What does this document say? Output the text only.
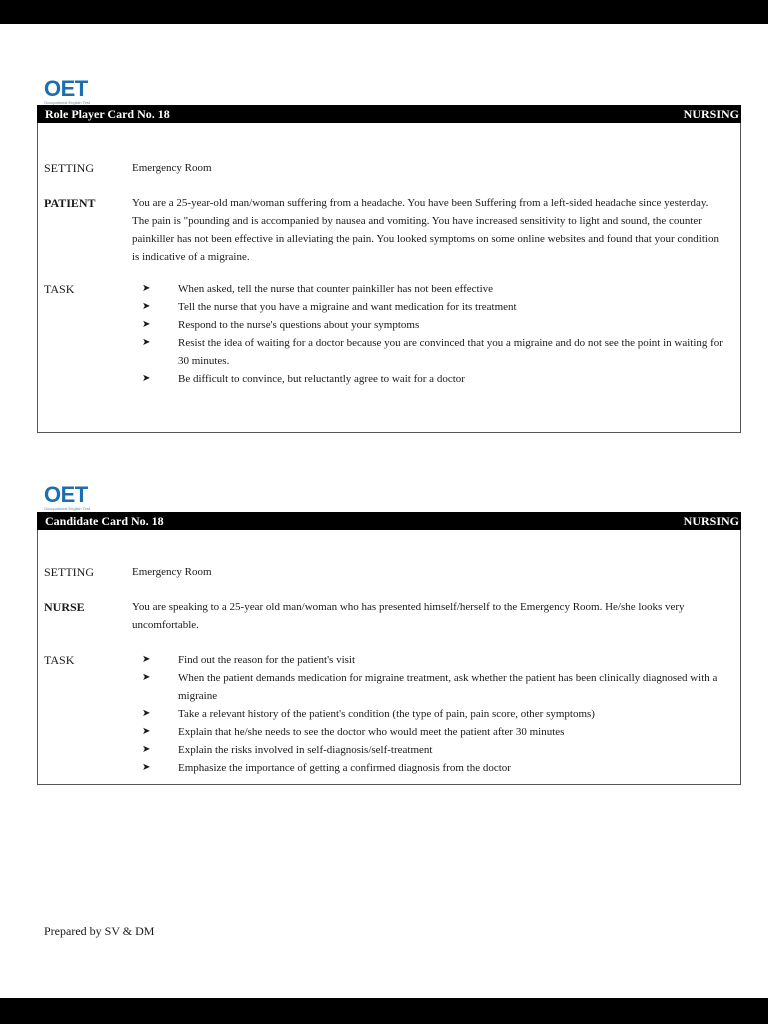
OET
Occupational English Test
Role Player Card No. 18	NURSING
SETTING	Emergency Room
PATIENT	You are a 25-year-old man/woman suffering from a headache. You have been Suffering from a left-sided headache since yesterday. The pain is "pounding and is accompanied by nausea and vomiting. You have increased sensitivity to light and sound, the counter painkiller has not been effective in alleviating the pain. You looked symptoms on some online websites and found that your condition is indicative of a migraine.
TASK	➤	When asked, tell the nurse that counter painkiller has not been effective
➤	Tell the nurse that you have a migraine and want medication for its treatment
➤	Respond to the nurse's questions about your symptoms
➤	Resist the idea of waiting for a doctor because you are convinced that you a migraine and do not see the point in waiting for 30 minutes.
➤	Be difficult to convince, but reluctantly agree to wait for a doctor
OET
Occupational English Test
Candidate Card No. 18	NURSING
SETTING	Emergency Room
NURSE	You are speaking to a 25-year old man/woman who has presented himself/herself to the Emergency Room. He/she looks very uncomfortable.
TASK	➤	Find out the reason for the patient's visit
➤	When the patient demands medication for migraine treatment, ask whether the patient has been clinically diagnosed with a migraine
➤	Take a relevant history of the patient's condition (the type of pain, pain score, other symptoms)
➤	Explain that he/she needs to see the doctor who would meet the patient after 30 minutes
➤	Explain the risks involved in self-diagnosis/self-treatment
➤	Emphasize the importance of getting a confirmed diagnosis from the doctor
Prepared by SV & DM
